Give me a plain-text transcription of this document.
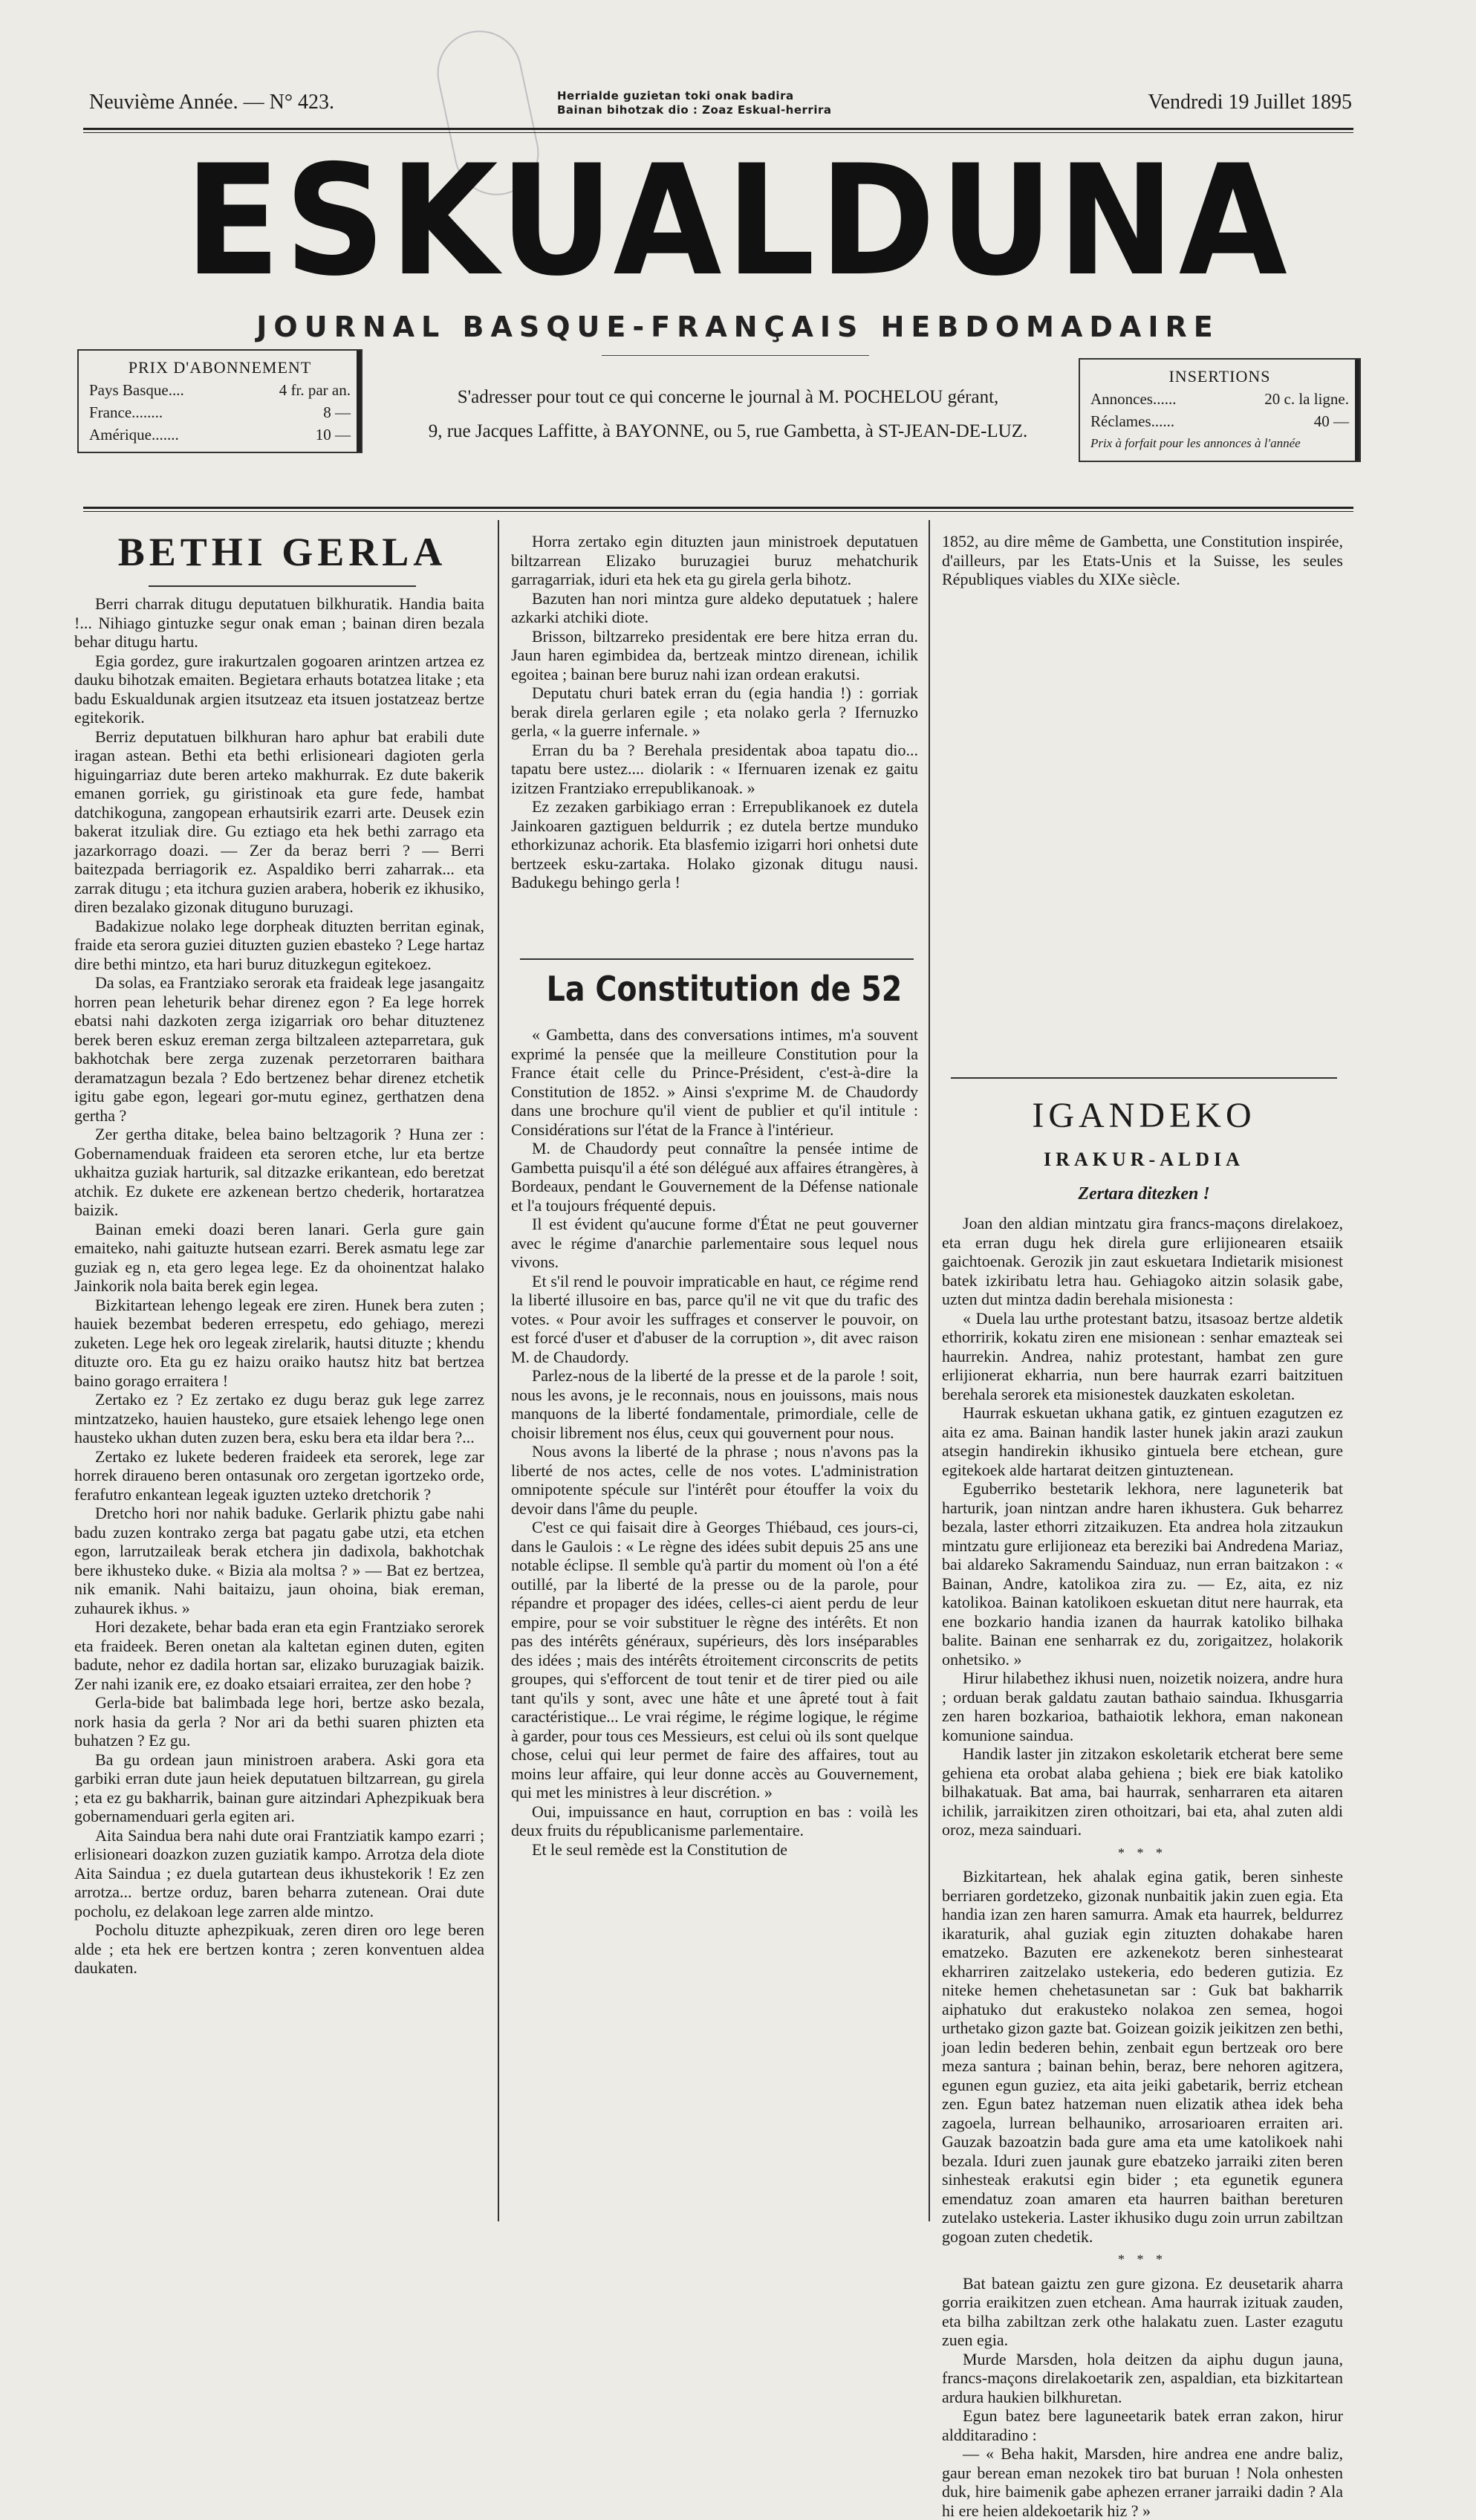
Neuvième Année. — N° 423.	Herrialde guzietan toki onak badira
Bainan bihotzak dio : Zoaz Eskual-herrira	Vendredi 19 Juillet 1895
ESKUALDUNA
JOURNAL BASQUE-FRANÇAIS HEBDOMADAIRE
PRIX D'ABONNEMENT
Pays Basque....	4 fr. par an.
France........	8 —
Amérique.......	10 —
S'adresser pour tout ce qui concerne le journal à M. POCHELOU gérant,
9, rue Jacques Laffitte, à BAYONNE, ou 5, rue Gambetta, à ST-JEAN-DE-LUZ.
INSERTIONS
Annonces......	20 c. la ligne.
Réclames......	40 —
Prix à forfait pour les annonces à l'année
BETHI GERLA

Berri charrak ditugu deputatuen bilkhuratik. Handia baita !... Nihiago gintuzke segur onak eman ; bainan diren bezala behar ditugu hartu.

Egia gordez, gure irakurtzalen gogoaren arintzen artzea ez dauku bihotzak emaiten. Begietara erhauts botatzea litake ; eta badu Eskualdunak argien itsutzeaz eta itsuen jostatzeaz bertze egitekorik.

Berriz deputatuen bilkhuran haro aphur bat erabili dute iragan astean. Bethi eta bethi erlisioneari dagioten gerla higuingarriaz dute beren arteko makhurrak. Ez dute bakerik emanen gorriek, gu giristinoak eta gure fede, hambat datchikoguna, zangopean erhautsirik ezarri arte. Deusek ezin bakerat itzuliak dire. Gu eztiago eta hek bethi zarrago eta jazarkorrago doazi. — Zer da beraz berri ? — Berri baitezpada berriagorik ez. Aspaldiko berri zaharrak... eta zarrak ditugu ; eta itchura guzien arabera, hoberik ez ikhusiko, diren bezalako gizonak dituguno buruzagi.

Badakizue nolako lege dorpheak dituzten berritan eginak, fraide eta serora guziei dituzten guzien ebasteko ? Lege hartaz dire bethi mintzo, eta hari buruz dituzkegun egitekoez.

Da solas, ea Frantziako serorak eta fraideak lege jasangaitz horren pean leheturik behar direnez egon ? Ea lege horrek ebatsi nahi dazkoten zerga izigarriak oro behar dituztenez berek beren eskuz ereman zerga biltzaleen azteparretara, guk bakhotchak bere zerga zuzenak perzetorraren baithara deramatzagun bezala ? Edo bertzenez behar direnez etchetik igitu gabe egon, legeari gor-mutu eginez, gerthatzen dena gertha ?

Zer gertha ditake, belea baino beltzagorik ? Huna zer : Gobernamenduak fraideen eta seroren etche, lur eta bertze ukhaitza guziak harturik, sal ditzazke erikantean, edo beretzat atchik. Ez dukete ere azkenean bertzo chederik, hortaratzea baizik.

Bainan emeki doazi beren lanari. Gerla gure gain emaiteko, nahi gaituzte hutsean ezarri. Berek asmatu lege zar guziak eg n, eta gero legea lege. Ez da ohoinentzat halako Jainkorik nola baita berek egin legea.

Bizkitartean lehengo legeak ere ziren. Hunek bera zuten ; hauiek bezembat bederen errespetu, edo gehiago, merezi zuketen. Lege hek oro legeak zirelarik, hautsi dituzte ; khendu dituzte oro. Eta gu ez haizu oraiko hautsz hitz bat bertzea baino gorago erraitera !

Zertako ez ? Ez zertako ez dugu beraz guk lege zarrez mintzatzeko, hauien hausteko, gure etsaiek lehengo lege onen hausteko ukhan duten zuzen bera, esku bera eta ildar bera ?...

Zertako ez lukete bederen fraideek eta serorek, lege zar horrek diraueno beren ontasunak oro zergetan igortzeko orde, ferafutro enkantean legeak iguzten uzteko dretchorik ?

Dretcho hori nor nahik baduke. Gerlarik phiztu gabe nahi badu zuzen kontrako zerga bat pagatu gabe utzi, eta etchen egon, larrutzaileak berak etchera jin dadixola, bakhotchak bere ikhusteko duke. « Bizia ala moltsa ? » — Bat ez bertzea, nik emanik. Nahi baitaizu, jaun ohoina, biak ereman, zuhaurek ikhus. »

Hori dezakete, behar bada eran eta egin Frantziako serorek eta fraideek. Beren onetan ala kaltetan eginen duten, egiten badute, nehor ez dadila hortan sar, elizako buruzagiak baizik. Zer nahi izanik ere, ez doako etsaiari erraitea, zer den hobe ?

Gerla-bide bat balimbada lege hori, bertze asko bezala, nork hasia da gerla ? Nor ari da bethi suaren phizten eta buhatzen ? Ez gu.

Ba gu ordean jaun ministroen arabera. Aski gora eta garbiki erran dute jaun heiek deputatuen biltzarrean, gu girela ; eta ez gu bakharrik, bainan gure aitzindari Aphezpikuak bera gobernamenduari gerla egiten ari.

Aita Saindua bera nahi dute orai Frantziatik kampo ezarri ; erlisioneari doazkon zuzen guziatik kampo. Arrotza dela diote Aita Saindua ; ez duela gutartean deus ikhustekorik ! Ez zen arrotza... bertze orduz, baren beharra zutenean. Orai dute pocholu, ez delakoan lege zarren alde mintzo.

Pocholu dituzte aphezpikuak, zeren diren oro lege beren alde ; eta hek ere bertzen kontra ; zeren konventuen aldea daukaten.

Horra zertako egin dituzten jaun ministroek deputatuen biltzarrean Elizako buruzagiei buruz mehatchurik garragarriak, iduri eta hek eta gu girela gerla bihotz.

Bazuten han nori mintza gure aldeko deputatuek ; halere azkarki atchiki diote.

Brisson, biltzarreko presidentak ere bere hitza erran du. Jaun haren egimbidea da, bertzeak mintzo direnean, ichilik egoitea ; bainan bere buruz nahi izan ordean erakutsi.

Deputatu churi batek erran du (egia handia !) : gorriak berak direla gerlaren egile ; eta nolako gerla ? Ifernuzko gerla, « la guerre infernale. »

Erran du ba ? Berehala presidentak aboa tapatu dio... tapatu bere ustez.... diolarik : « Ifernuaren izenak ez gaitu izitzen Frantziako errepublikanoak. »

Ez zezaken garbikiago erran : Errepublikanoek ez dutela Jainkoaren gaztiguen beldurrik ; ez dutela bertze munduko ethorkizunaz achorik. Eta blasfemio izigarri hori onhetsi dute bertzeek esku-zartaka. Holako gizonak ditugu nausi. Badukegu behingo gerla !

La Constitution de 52

« Gambetta, dans des conversations intimes, m'a souvent exprimé la pensée que la meilleure Constitution pour la France était celle du Prince-Président, c'est-à-dire la Constitution de 1852. » Ainsi s'exprime M. de Chaudordy dans une brochure qu'il vient de publier et qu'il intitule : Considérations sur l'état de la France à l'intérieur.

M. de Chaudordy peut connaître la pensée intime de Gambetta puisqu'il a été son délégué aux affaires étrangères, à Bordeaux, pendant le Gouvernement de la Défense nationale et l'a toujours fréquenté depuis.

Il est évident qu'aucune forme d'État ne peut gouverner avec le régime d'anarchie parlementaire sous lequel nous vivons.

Et s'il rend le pouvoir impraticable en haut, ce régime rend la liberté illusoire en bas, parce qu'il ne vit que du trafic des votes. « Pour avoir les suffrages et conserver le pouvoir, on est forcé d'user et d'abuser de la corruption », dit avec raison M. de Chaudordy.

Parlez-nous de la liberté de la presse et de la parole ! soit, nous les avons, je le reconnais, nous en jouissons, mais nous manquons de la liberté fondamentale, primordiale, celle de choisir librement nos élus, ceux qui gouvernent pour nous.

Nous avons la liberté de la phrase ; nous n'avons pas la liberté de nos actes, celle de nos votes. L'administration omnipotente spécule sur l'intérêt pour étouffer la voix du devoir dans l'âme du peuple.

C'est ce qui faisait dire à Georges Thiébaud, ces jours-ci, dans le Gaulois : « Le règne des idées subit depuis 25 ans une notable éclipse. Il semble qu'à partir du moment où l'on a été outillé, par la liberté de la presse ou de la parole, pour répandre et propager des idées, celles-ci aient perdu de leur empire, pour se voir substituer le règne des intérêts. Et non pas des intérêts généraux, supérieurs, dès lors inséparables des idées ; mais des intérêts étroitement circonscrits de petits groupes, qui s'efforcent de tout tenir et de tirer pied ou aile tant qu'ils y sont, avec une hâte et une âpreté tout à fait caractéristique... Le vrai régime, le régime logique, le régime à garder, pour tous ces Messieurs, est celui où ils sont quelque chose, celui qui leur permet de faire des affaires, tout au moins leur affaire, qui leur donne accès au Gouvernement, qui met les ministres à leur discrétion. »

Oui, impuissance en haut, corruption en bas : voilà les deux fruits du républicanisme parlementaire.

Et le seul remède est la Constitution de

1852, au dire même de Gambetta, une Constitution inspirée, d'ailleurs, par les Etats-Unis et la Suisse, les seules Républiques viables du XIXe siècle.

IGANDEKO
IRAKUR-ALDIA
Zertara ditezken !

Joan den aldian mintzatu gira francs-maçons direlakoez, eta erran dugu hek direla gure erlijionearen etsaiik gaichtoenak. Gerozik jin zaut eskuetara Indietarik misionest batek izkiribatu letra hau. Gehiagoko aitzin solasik gabe, uzten dut mintza dadin berehala misionesta :

« Duela lau urthe protestant batzu, itsasoaz bertze aldetik ethorririk, kokatu ziren ene misionean : senhar emazteak sei haurrekin. Andrea, nahiz protestant, hambat zen gure erlijionerat ekharria, nun bere haurrak ezarri baitzituen berehala serorek eta misionestek dauzkaten eskoletan.

Haurrak eskuetan ukhana gatik, ez gintuen ezagutzen ez aita ez ama. Bainan handik laster hunek jakin arazi zaukun atsegin handirekin ikhusiko gintuela bere etchean, gure egitekoek alde hartarat deitzen gintuztenean.

Eguberriko bestetarik lekhora, nere laguneterik bat harturik, joan nintzan andre haren ikhustera. Guk beharrez bezala, laster ethorri zitzaikuzen. Eta andrea hola zitzaukun mintzatu gure erlijioneaz eta bereziki bai Andredena Mariaz, bai aldareko Sakramendu Sainduaz, nun erran baitzakon : « Bainan, Andre, katolikoa zira zu. — Ez, aita, ez niz katolikoa. Bainan katolikoen eskuetan ditut nere haurrak, eta ene bozkario handia izanen da haurrak katoliko bilhaka balite. Bainan ene senharrak ez du, zorigaitzez, holakorik onhetsiko. »

Hirur hilabethez ikhusi nuen, noizetik noizera, andre hura ; orduan berak galdatu zautan bathaio saindua. Ikhusgarria zen haren bozkarioa, bathaiotik lekhora, eman nakonean komunione saindua.

Handik laster jin zitzakon eskoletarik etcherat bere seme gehiena eta orobat alaba gehiena ; biek ere biak katoliko bilhakatuak. Bat ama, bai haurrak, senharraren eta aitaren ichilik, jarraikitzen ziren othoitzari, bai eta, ahal zuten aldi oroz, meza sainduari.

* * *

Bizkitartean, hek ahalak egina gatik, beren sinheste berriaren gordetzeko, gizonak nunbaitik jakin zuen egia. Eta handia izan zen haren samurra. Amak eta haurrek, beldurrez ikaraturik, ahal guziak egin zituzten dohakabe haren ematzeko. Bazuten ere azkenekotz beren sinhestearat ekharriren zaitzelako ustekeria, edo bederen gutizia. Ez niteke hemen chehetasunetan sar : Guk bat bakharrik aiphatuko dut erakusteko nolakoa zen semea, hogoi urthetako gizon gazte bat. Goizean goizik jeikitzen zen bethi, joan ledin bederen behin, zenbait egun bertzeak oro bere meza santura ; bainan behin, beraz, bere nehoren agitzera, egunen egun guziez, eta aita jeiki gabetarik, berriz etchean zen. Egun batez hatzeman nuen elizatik athea idek beha zagoela, lurrean belhauniko, arrosarioaren erraiten ari. Gauzak bazoatzin bada gure ama eta ume katolikoek nahi bezala. Iduri zuen jaunak gure ebatzeko jarraiki ziten beren sinhesteak erakutsi egin bider ; eta egunetik egunera emendatuz zoan amaren eta haurren baithan bereturen zutelako ustekeria. Laster ikhusiko dugu zoin urrun zabiltzan gogoan zuten chedetik.

* * *

Bat batean gaiztu zen gure gizona. Ez deusetarik aharra gorria eraikitzen zuen etchean. Ama haurrak izituak zauden, eta bilha zabiltzan zerk othe halakatu zuen. Laster ezagutu zuen egia.

Murde Marsden, hola deitzen da aiphu dugun jauna, francs-maçons direlakoetarik zen, aspaldian, eta bizkitartean ardura haukien bilkhuretan.

Egun batez bere laguneetarik batek erran zakon, hirur aldditaradino :

— « Beha hakit, Marsden, hire andrea ene andre baliz, gaur berean eman nezokek tiro bat buruan ! Nola onhesten duk, hire baimenik gabe aphezen erraner jarraiki dadin ? Ala hi ere heien aldekoetarik hiz ? »
